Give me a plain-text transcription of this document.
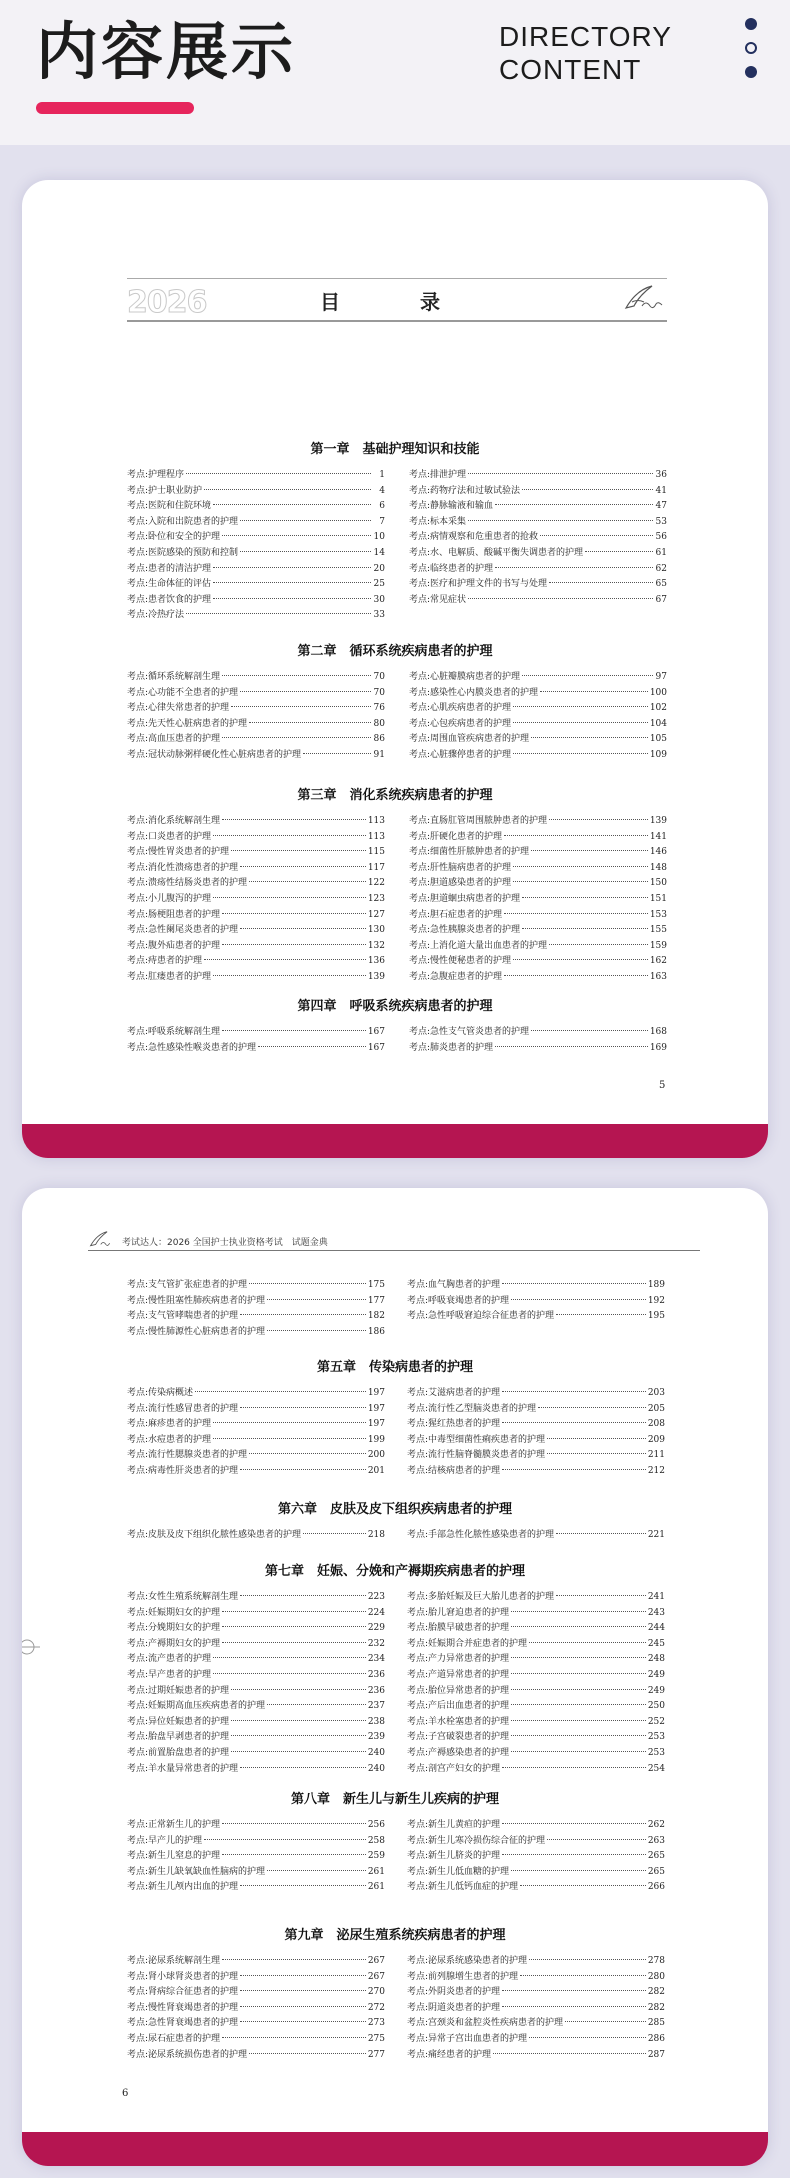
内容展示	DIRECTORY
CONTENT
2026	目　录
第一章　基础护理知识和技能
考点:护理程序	1
考点:护士职业防护	4
考点:医院和住院环境	6
考点:入院和出院患者的护理	7
考点:卧位和安全的护理	10
考点:医院感染的预防和控制	14
考点:患者的清洁护理	20
考点:生命体征的评估	25
考点:患者饮食的护理	30
考点:冷热疗法	33
考点:排泄护理	36
考点:药物疗法和过敏试验法	41
考点:静脉输液和输血	47
考点:标本采集	53
考点:病情观察和危重患者的抢救	56
考点:水、电解质、酸碱平衡失调患者的护理	61
考点:临终患者的护理	62
考点:医疗和护理文件的书写与处理	65
考点:常见症状	67
第二章　循环系统疾病患者的护理
考点:循环系统解剖生理	70
考点:心功能不全患者的护理	70
考点:心律失常患者的护理	76
考点:先天性心脏病患者的护理	80
考点:高血压患者的护理	86
考点:冠状动脉粥样硬化性心脏病患者的护理	91
考点:心脏瓣膜病患者的护理	97
考点:感染性心内膜炎患者的护理	100
考点:心肌疾病患者的护理	102
考点:心包疾病患者的护理	104
考点:周围血管疾病患者的护理	105
考点:心脏骤停患者的护理	109
第三章　消化系统疾病患者的护理
考点:消化系统解剖生理	113
考点:口炎患者的护理	113
考点:慢性胃炎患者的护理	115
考点:消化性溃疡患者的护理	117
考点:溃疡性结肠炎患者的护理	122
考点:小儿腹泻的护理	123
考点:肠梗阻患者的护理	127
考点:急性阑尾炎患者的护理	130
考点:腹外疝患者的护理	132
考点:痔患者的护理	136
考点:肛瘘患者的护理	139
考点:直肠肛管周围脓肿患者的护理	139
考点:肝硬化患者的护理	141
考点:细菌性肝脓肿患者的护理	146
考点:肝性脑病患者的护理	148
考点:胆道感染患者的护理	150
考点:胆道蛔虫病患者的护理	151
考点:胆石症患者的护理	153
考点:急性胰腺炎患者的护理	155
考点:上消化道大量出血患者的护理	159
考点:慢性便秘患者的护理	162
考点:急腹症患者的护理	163
第四章　呼吸系统疾病患者的护理
考点:呼吸系统解剖生理	167
考点:急性感染性喉炎患者的护理	167
考点:急性支气管炎患者的护理	168
考点:肺炎患者的护理	169
5
考试达人：2026 全国护士执业资格考试　试题金典
考点:支气管扩张症患者的护理	175
考点:慢性阻塞性肺疾病患者的护理	177
考点:支气管哮喘患者的护理	182
考点:慢性肺源性心脏病患者的护理	186
考点:血气胸患者的护理	189
考点:呼吸衰竭患者的护理	192
考点:急性呼吸窘迫综合征患者的护理	195
第五章　传染病患者的护理
考点:传染病概述	197
考点:流行性感冒患者的护理	197
考点:麻疹患者的护理	197
考点:水痘患者的护理	199
考点:流行性腮腺炎患者的护理	200
考点:病毒性肝炎患者的护理	201
考点:艾滋病患者的护理	203
考点:流行性乙型脑炎患者的护理	205
考点:猩红热患者的护理	208
考点:中毒型细菌性痢疾患者的护理	209
考点:流行性脑脊髓膜炎患者的护理	211
考点:结核病患者的护理	212
第六章　皮肤及皮下组织疾病患者的护理
考点:皮肤及皮下组织化脓性感染患者的护理	218 考点:手部急性化脓性感染患者的护理	221
第七章　妊娠、分娩和产褥期疾病患者的护理
考点:女性生殖系统解剖生理	223
考点:妊娠期妇女的护理	224
考点:分娩期妇女的护理	229
考点:产褥期妇女的护理	232
考点:流产患者的护理	234
考点:早产患者的护理	236
考点:过期妊娠患者的护理	236
考点:妊娠期高血压疾病患者的护理	237
考点:异位妊娠患者的护理	238
考点:胎盘早剥患者的护理	239
考点:前置胎盘患者的护理	240
考点:羊水量异常患者的护理	240
考点:多胎妊娠及巨大胎儿患者的护理	241
考点:胎儿窘迫患者的护理	243
考点:胎膜早破患者的护理	244
考点:妊娠期合并症患者的护理	245
考点:产力异常患者的护理	248
考点:产道异常患者的护理	249
考点:胎位异常患者的护理	249
考点:产后出血患者的护理	250
考点:羊水栓塞患者的护理	252
考点:子宫破裂患者的护理	253
考点:产褥感染患者的护理	253
考点:剖宫产妇女的护理	254
第八章　新生儿与新生儿疾病的护理
考点:正常新生儿的护理	256
考点:早产儿的护理	258
考点:新生儿窒息的护理	259
考点:新生儿缺氧缺血性脑病的护理	261
考点:新生儿颅内出血的护理	261
考点:新生儿黄疸的护理	262
考点:新生儿寒冷损伤综合征的护理	263
考点:新生儿脐炎的护理	265
考点:新生儿低血糖的护理	265
考点:新生儿低钙血症的护理	266
第九章　泌尿生殖系统疾病患者的护理
考点:泌尿系统解剖生理	267
考点:肾小球肾炎患者的护理	267
考点:肾病综合征患者的护理	270
考点:慢性肾衰竭患者的护理	272
考点:急性肾衰竭患者的护理	273
考点:尿石症患者的护理	275
考点:泌尿系统损伤患者的护理	277
考点:泌尿系统感染患者的护理	278
考点:前列腺增生患者的护理	280
考点:外阴炎患者的护理	282
考点:阴道炎患者的护理	282
考点:宫颈炎和盆腔炎性疾病患者的护理	285
考点:异常子宫出血患者的护理	286
考点:痛经患者的护理	287
6
